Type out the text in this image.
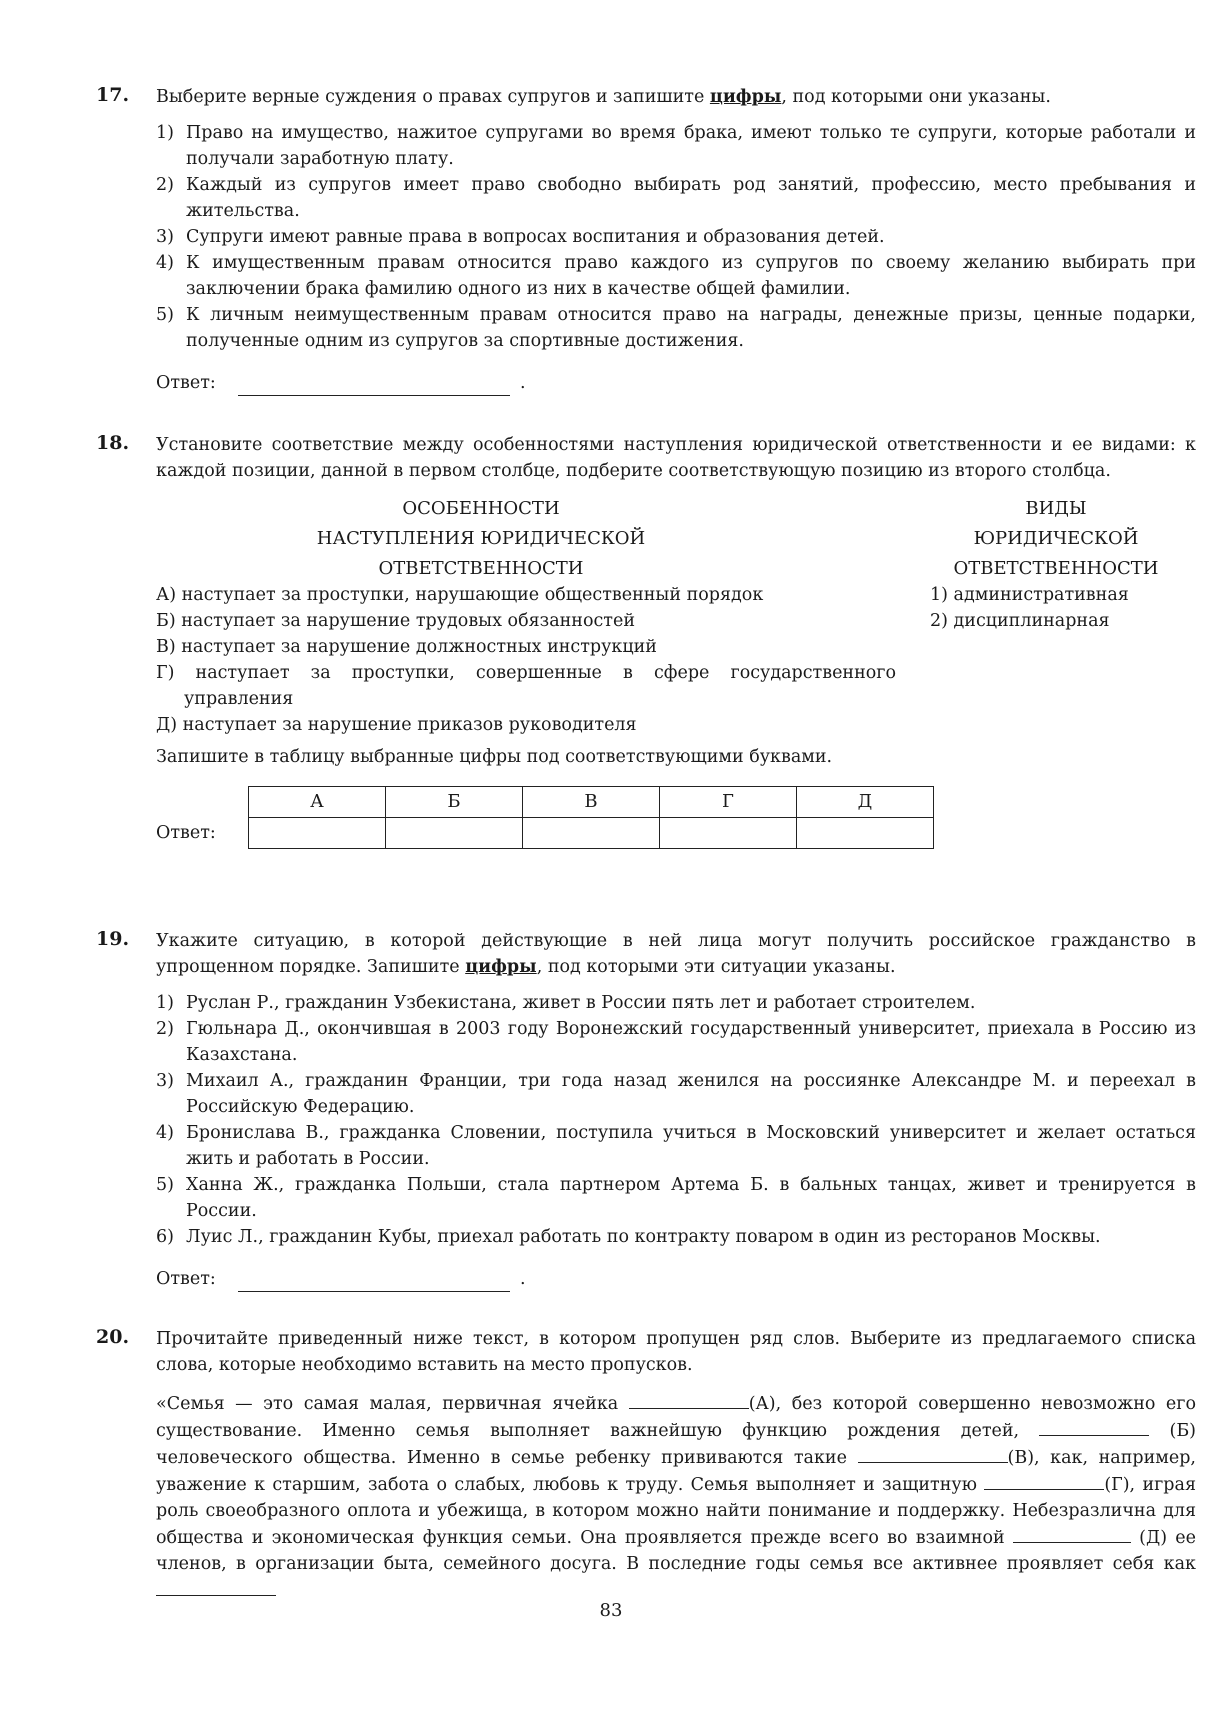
17. Выберите верные суждения о правах супругов и запишите цифры, под которыми они указаны.
1) Право на имущество, нажитое супругами во время брака, имеют только те супруги, которые работали и получали заработную плату.
2) Каждый из супругов имеет право свободно выбирать род занятий, профессию, место пребывания и жительства.
3) Супруги имеют равные права в вопросах воспитания и образования детей.
4) К имущественным правам относится право каждого из супругов по своему желанию выбирать при заключении брака фамилию одного из них в качестве общей фамилии.
5) К личным неимущественным правам относится право на награды, денежные призы, ценные подарки, полученные одним из супругов за спортивные достижения.
Ответ:	.
18. Установите соответствие между особенностями наступления юридической ответственности и ее видами: к каждой позиции, данной в первом столбце, подберите соответствующую позицию из второго столбца.
ОСОБЕННОСТИ
НАСТУПЛЕНИЯ ЮРИДИЧЕСКОЙ
ОТВЕТСТВЕННОСТИ
ВИДЫ
ЮРИДИЧЕСКОЙ
ОТВЕТСТВЕННОСТИ
А) наступает за проступки, нарушающие общественный порядок
Б) наступает за нарушение трудовых обязанностей
В) наступает за нарушение должностных инструкций
Г) наступает за проступки, совершенные в сфере государственного управления
Д) наступает за нарушение приказов руководителя
1) административная
2) дисциплинарная
Запишите в таблицу выбранные цифры под соответствующими буквами.
Ответ:
А	Б	В	Г	Д

19. Укажите ситуацию, в которой действующие в ней лица могут получить российское гражданство в упрощенном порядке. Запишите цифры, под которыми эти ситуации указаны.
1) Руслан Р., гражданин Узбекистана, живет в России пять лет и работает строителем.
2) Гюльнара Д., окончившая в 2003 году Воронежский государственный университет, приехала в Россию из Казахстана.
3) Михаил А., гражданин Франции, три года назад женился на россиянке Александре М. и переехал в Российскую Федерацию.
4) Бронислава В., гражданка Словении, поступила учиться в Московский университет и желает остаться жить и работать в России.
5) Ханна Ж., гражданка Польши, стала партнером Артема Б. в бальных танцах, живет и тренируется в России.
6) Луис Л., гражданин Кубы, приехал работать по контракту поваром в один из ресторанов Москвы.
Ответ:	.
20. Прочитайте приведенный ниже текст, в котором пропущен ряд слов. Выберите из предлагаемого списка слова, которые необходимо вставить на место пропусков.
«Семья — это самая малая, первичная ячейка	(А), без которой совершенно невозможно его существование. Именно семья выполняет важнейшую функцию рождения детей,	(Б) человеческого общества. Именно в семье ребенку прививаются такие	(В), как, например, уважение к старшим, забота о слабых, любовь к труду. Семья выполняет и защитную	(Г), играя роль своеобразного оплота и убежища, в котором можно найти понимание и поддержку. Небезразлична для общества и экономическая функция семьи. Она проявляется прежде всего во взаимной	(Д) ее членов, в организации быта, семейного досуга. В последние годы семья все активнее проявляет себя как
83
